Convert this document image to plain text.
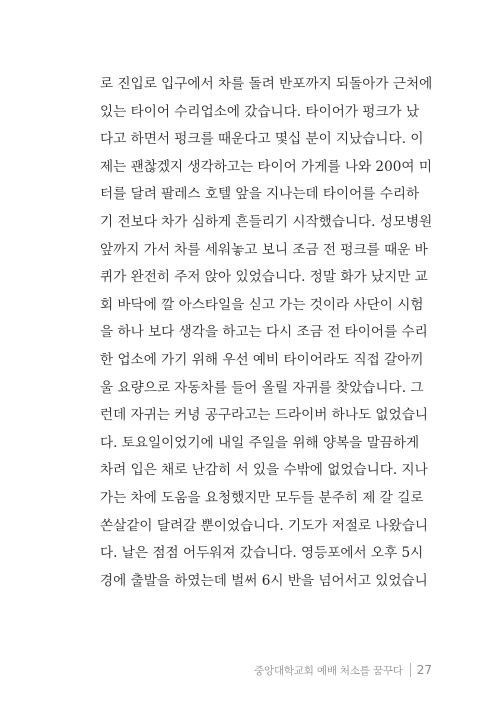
로 진입로 입구에서 차를 돌려 반포까지 되돌아가 근처에
있는 타이어 수리업소에 갔습니다. 타이어가 펑크가 났
다고 하면서 펑크를 때운다고 몇십 분이 지났습니다. 이
제는 괜찮겠지 생각하고는 타이어 가게를 나와 200여 미
터를 달려 팔레스 호텔 앞을 지나는데 타이어를 수리하
기 전보다 차가 심하게 흔들리기 시작했습니다. 성모병원
앞까지 가서 차를 세워놓고 보니 조금 전 펑크를 때운 바
퀴가 완전히 주저 앉아 있었습니다. 정말 화가 났지만 교
회 바닥에 깔 아스타일을 싣고 가는 것이라 사단이 시험
을 하나 보다 생각을 하고는 다시 조금 전 타이어를 수리
한 업소에 가기 위해 우선 예비 타이어라도 직접 갈아끼
울 요량으로 자동차를 들어 올릴 자귀를 찾았습니다. 그
런데 자귀는 커녕 공구라고는 드라이버 하나도 없었습니
다. 토요일이었기에 내일 주일을 위해 양복을 말끔하게
차려 입은 채로 난감히 서 있을 수밖에 없었습니다. 지나
가는 차에 도움을 요청했지만 모두들 분주히 제 갈 길로
쏜살같이 달려갈 뿐이었습니다. 기도가 저절로 나왔습니
다. 날은 점점 어두워져 갔습니다. 영등포에서 오후 5시
경에 출발을 하였는데 벌써 6시 반을 넘어서고 있었습니
중앙대학교회 예배 처소를 꿈꾸다 27
